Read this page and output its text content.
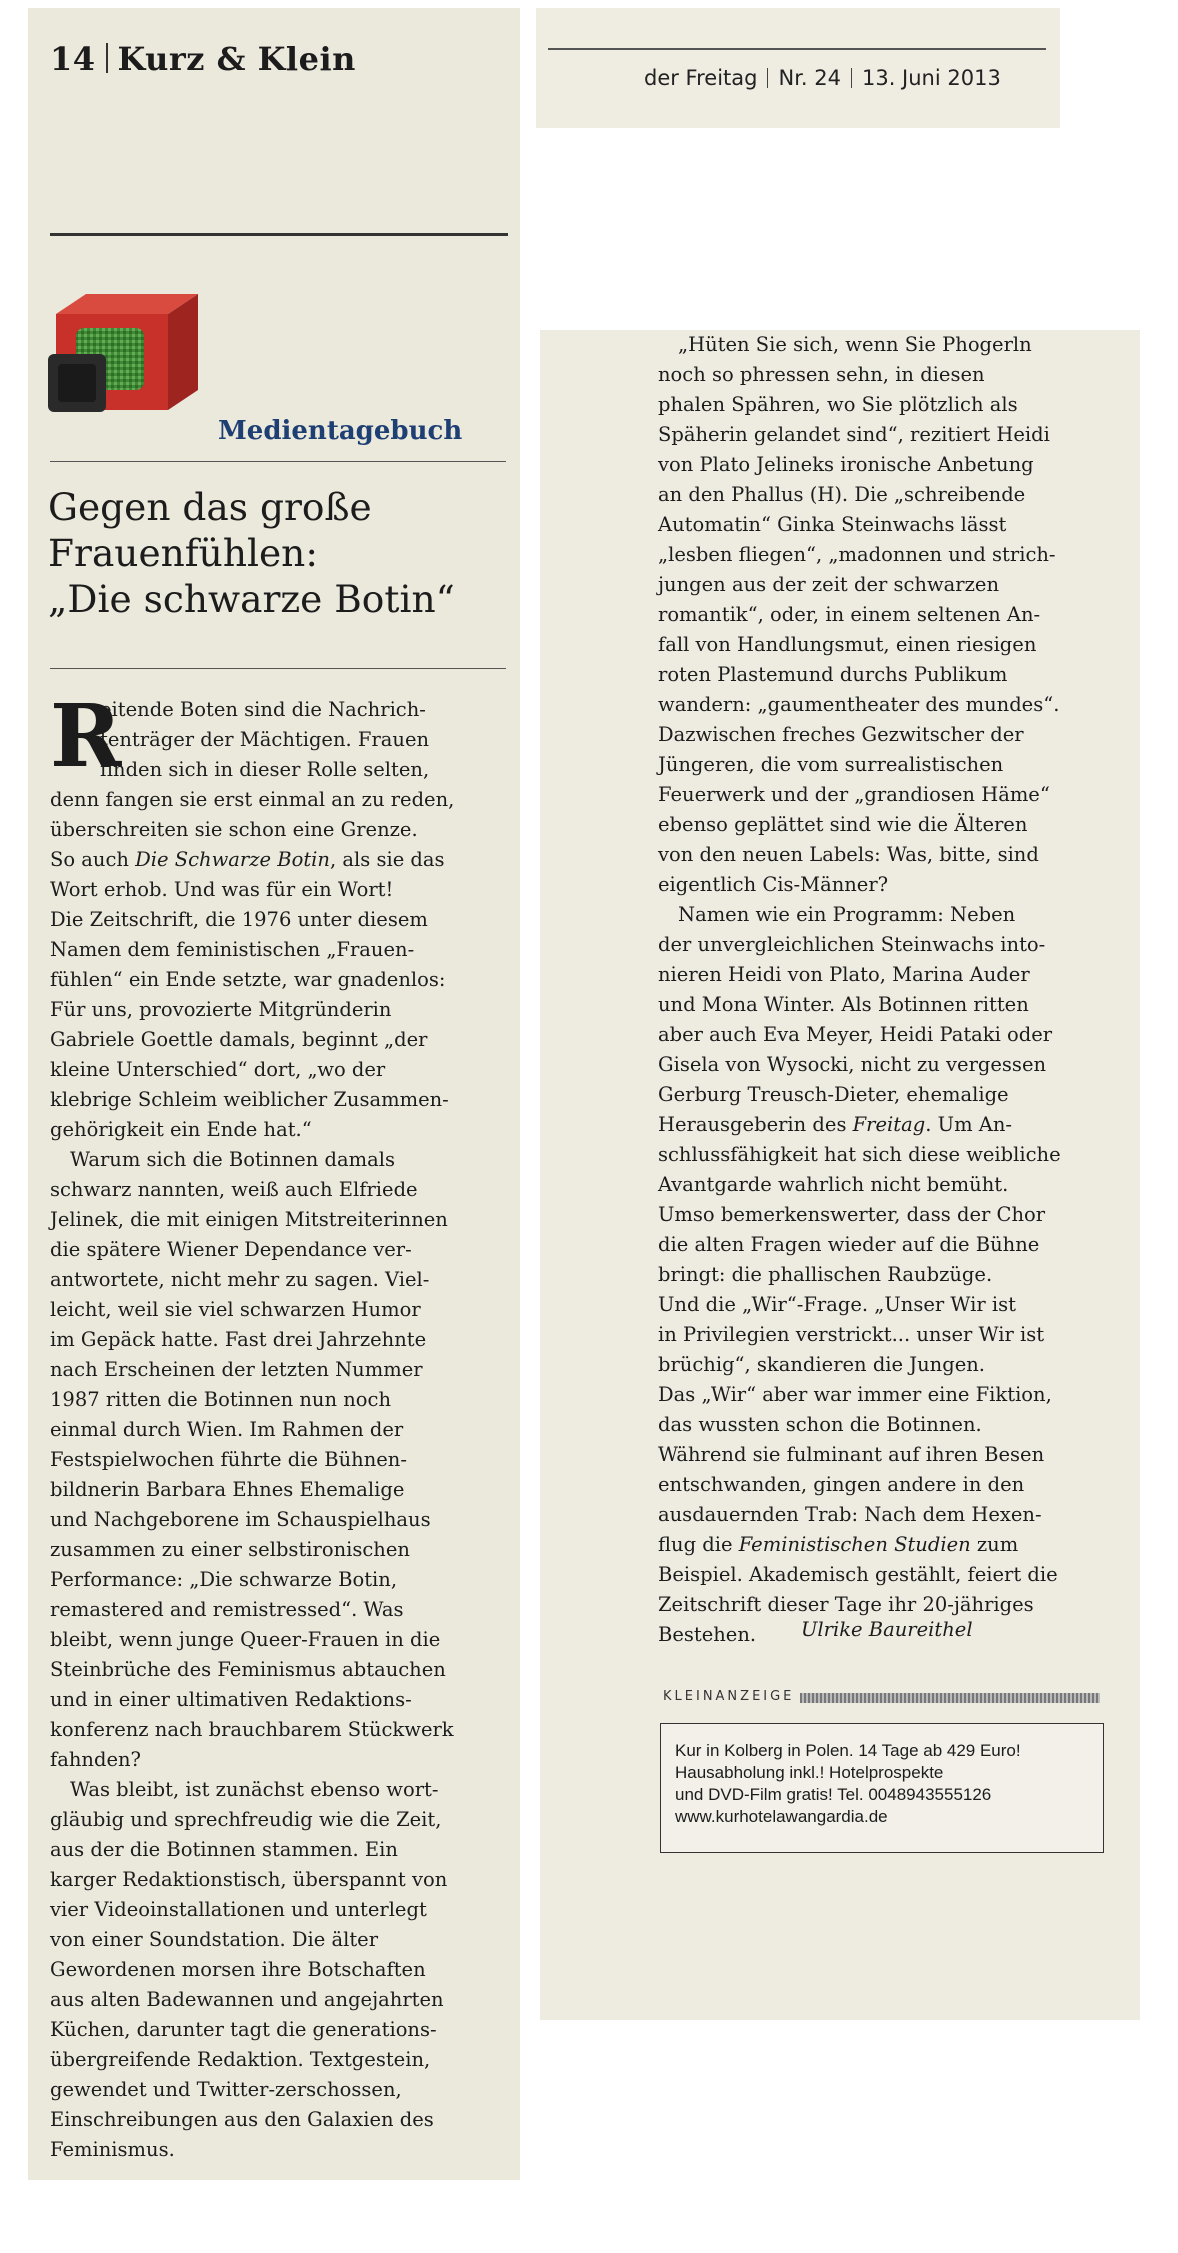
14 Kurz & Klein
Medientagebuch
Gegen das große
Frauenfühlen:
„Die schwarze Botin“
R
eitende Boten sind die Nachrich-
tenträger der Mächtigen. Frauen
finden sich in dieser Rolle selten,
denn fangen sie erst einmal an zu reden,
überschreiten sie schon eine Grenze.
So auch Die Schwarze Botin, als sie das
Wort erhob. Und was für ein Wort!
Die Zeitschrift, die 1976 unter diesem
Namen dem feministischen „Frauen-
fühlen“ ein Ende setzte, war gnadenlos:
Für uns, provozierte Mitgründerin
Gabriele Goettle damals, beginnt „der
kleine Unterschied“ dort, „wo der
klebrige Schleim weiblicher Zusammen-
gehörigkeit ein Ende hat.“
Warum sich die Botinnen damals
schwarz nannten, weiß auch Elfriede
Jelinek, die mit einigen Mitstreiterinnen
die spätere Wiener Dependance ver-
antwortete, nicht mehr zu sagen. Viel-
leicht, weil sie viel schwarzen Humor
im Gepäck hatte. Fast drei Jahrzehnte
nach Erscheinen der letzten Nummer
1987 ritten die Botinnen nun noch
einmal durch Wien. Im Rahmen der
Festspielwochen führte die Bühnen-
bildnerin Barbara Ehnes Ehemalige
und Nachgeborene im Schauspielhaus
zusammen zu einer selbstironischen
Performance: „Die schwarze Botin,
remastered and remistressed“. Was
bleibt, wenn junge Queer-Frauen in die
Steinbrüche des Feminismus abtauchen
und in einer ultimativen Redaktions-
konferenz nach brauchbarem Stückwerk
fahnden?
Was bleibt, ist zunächst ebenso wort-
gläubig und sprechfreudig wie die Zeit,
aus der die Botinnen stammen. Ein
karger Redaktionstisch, überspannt von
vier Videoinstallationen und unterlegt
von einer Soundstation. Die älter
Gewordenen morsen ihre Botschaften
aus alten Badewannen und angejahrten
Küchen, darunter tagt die generations-
übergreifende Redaktion. Textgestein,
gewendet und Twitter-zerschossen,
Einschreibungen aus den Galaxien des
Feminismus.
der Freitag Nr. 24 13. Juni 2013
„Hüten Sie sich, wenn Sie Phogerln
noch so phressen sehn, in diesen
phalen Spähren, wo Sie plötzlich als
Späherin gelandet sind“, rezitiert Heidi
von Plato Jelineks ironische Anbetung
an den Phallus (H). Die „schreibende
Automatin“ Ginka Steinwachs lässt
„lesben fliegen“, „madonnen und strich-
jungen aus der zeit der schwarzen
romantik“, oder, in einem seltenen An-
fall von Handlungsmut, einen riesigen
roten Plastemund durchs Publikum
wandern: „gaumentheater des mundes“.
Dazwischen freches Gezwitscher der
Jüngeren, die vom surrealistischen
Feuerwerk und der „grandiosen Häme“
ebenso geplättet sind wie die Älteren
von den neuen Labels: Was, bitte, sind
eigentlich Cis-Männer?
Namen wie ein Programm: Neben
der unvergleichlichen Steinwachs into-
nieren Heidi von Plato, Marina Auder
und Mona Winter. Als Botinnen ritten
aber auch Eva Meyer, Heidi Pataki oder
Gisela von Wysocki, nicht zu vergessen
Gerburg Treusch-Dieter, ehemalige
Herausgeberin des Freitag. Um An-
schlussfähigkeit hat sich diese weibliche
Avantgarde wahrlich nicht bemüht.
Umso bemerkenswerter, dass der Chor
die alten Fragen wieder auf die Bühne
bringt: die phallischen Raubzüge.
Und die „Wir“-Frage. „Unser Wir ist
in Privilegien verstrickt... unser Wir ist
brüchig“, skandieren die Jungen.
Das „Wir“ aber war immer eine Fiktion,
das wussten schon die Botinnen.
Während sie fulminant auf ihren Besen
entschwanden, gingen andere in den
ausdauernden Trab: Nach dem Hexen-
flug die Feministischen Studien zum
Beispiel. Akademisch gestählt, feiert die
Zeitschrift dieser Tage ihr 20-jähriges
Bestehen.	Ulrike Baureithel
KLEINANZEIGE
Kur in Kolberg in Polen. 14 Tage ab 429 Euro!
Hausabholung inkl.! Hotelprospekte
und DVD-Film gratis! Tel. 0048943555126
www.kurhotelawangardia.de
